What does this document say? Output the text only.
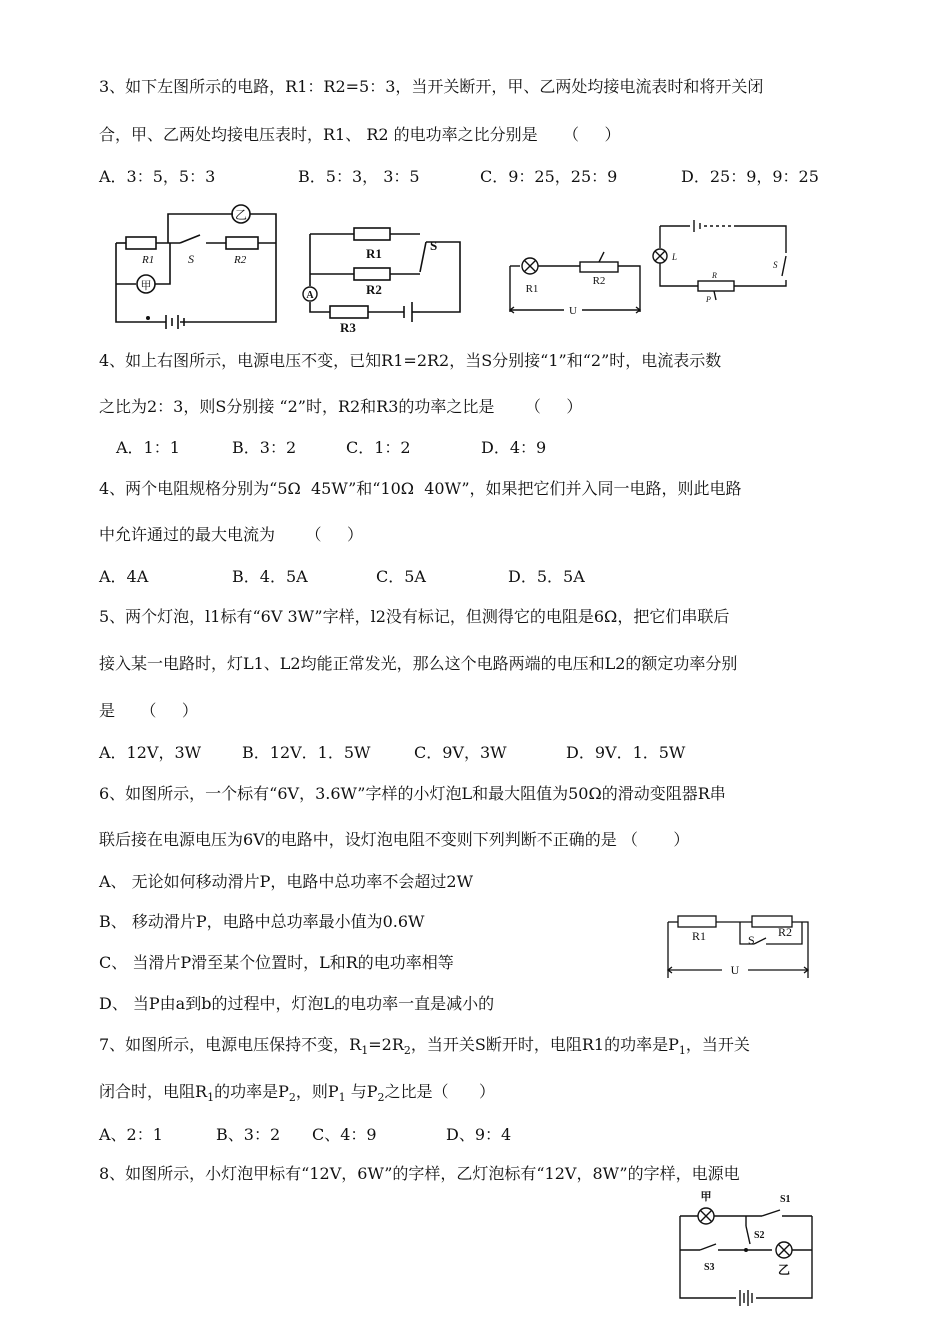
3、如下左图所示的电路，R1：R2=5：3，当开关断开，甲、乙两处均接电流表时和将开关闭
合，甲、乙两处均接电压表时，R1、 R2 的电功率之比分别是     （     ）
A．3：5，5：3	B．5：3， 3：5	C．9：25，25：9	D．25：9，9：25
乙
甲
R1	S	R2
A
R1
R2
R3
S
R1
R2
U
L
R
P
S
4、如上右图所示，电源电压不变，已知R1=2R2，当S分别接“1”和“2”时，电流表示数
之比为2：3，则S分别接 “2”时，R2和R3的功率之比是      （     ）
A．1：1	B．3：2	C．1：2	D．4：9
4、两个电阻规格分别为“5Ω  45W”和“10Ω  40W”，如果把它们并入同一电路，则此电路
中允许通过的最大电流为      （     ）
A．4A	B．4．5A	C．5A	D．5．5A
5、两个灯泡，l1标有“6V 3W”字样，l2没有标记，但测得它的电阻是6Ω，把它们串联后
接入某一电路时，灯L1、L2均能正常发光，那么这个电路两端的电压和L2的额定功率分别
是     （     ）
A．12V，3W	B．12V．1．5W	C．9V，3W	D．9V．1．5W
6、如图所示，一个标有“6V，3.6W”字样的小灯泡L和最大阻值为50Ω的滑动变阻器R串
联后接在电源电压为6V的电路中，设灯泡电阻不变则下列判断不正确的是 （       ）
A、 无论如何移动滑片P，电路中总功率不会超过2W
B、 移动滑片P，电路中总功率最小值为0.6W
C、 当滑片P滑至某个位置时，L和R的电功率相等
D、 当P由a到b的过程中，灯泡L的电功率一直是减小的
R1	R2
S
U
7、如图所示，电源电压保持不变，$R_1=2R_2$，当开关S断开时，电阻R1的功率是$P_1$，当开关
闭合时，电阻$R_1$的功率是$P_2$，则$P_1$ 与$P_2$之比是（      ）
A、2：1	B、3：2 C、4：9	D、9：4
8、如图所示，小灯泡甲标有“12V，6W”的字样，乙灯泡标有“12V，8W”的字样，电源电
甲	S1
S2
S3	乙
